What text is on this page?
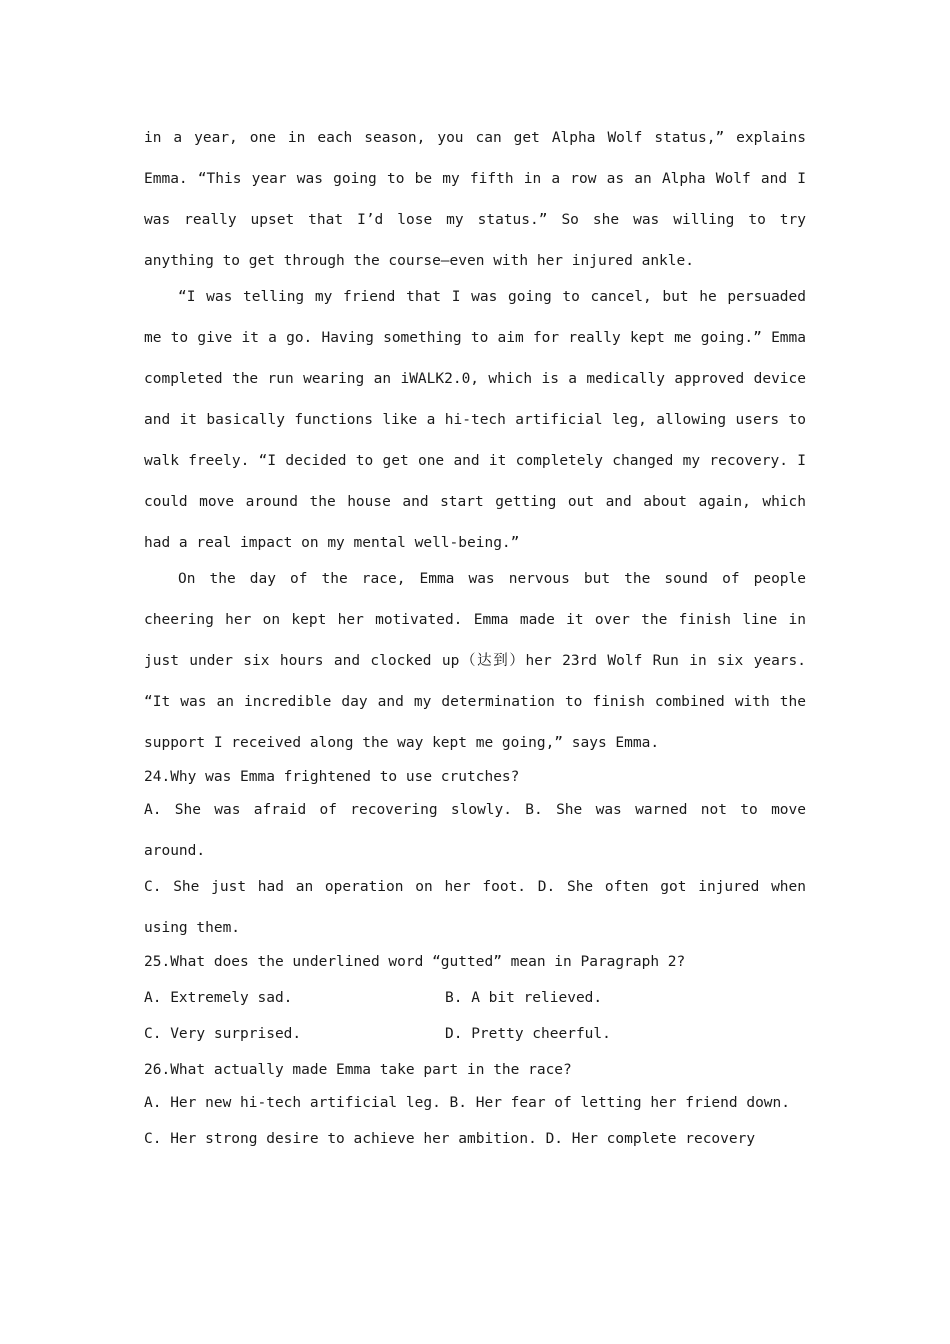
in a year, one in each season, you can get Alpha Wolf status,” explains Emma. “This year was going to be my fifth in a row as an Alpha Wolf and I was really upset that I’d lose my status.” So she was willing to try anything to get through the course—even with her injured ankle.

“I was telling my friend that I was going to cancel, but he persuaded me to give it a go. Having something to aim for really kept me going.” Emma completed the run wearing an iWALK2.0, which is a medically approved device and it basically functions like a hi-tech artificial leg, allowing users to walk freely. “I decided to get one and it completely changed my recovery. I could move around the house and start getting out and about again, which had a real impact on my mental well-being.”

On the day of the race, Emma was nervous but the sound of people cheering her on kept her motivated. Emma made it over the finish line in just under six hours and clocked up（达到）her 23rd Wolf Run in six years. “It was an incredible day and my determination to finish combined with the support I received along the way kept me going,” says Emma.

24.Why was Emma frightened to use crutches?

A. She was afraid of recovering slowly. B. She was warned not to move around.

C. She just had an operation on her foot. D. She often got injured when using them.

25.What does the underlined word “gutted” mean in Paragraph 2?

A. Extremely sad.	B. A bit relieved.
C. Very surprised.	D. Pretty cheerful.

26.What actually made Emma take part in the race?

A. Her new hi-tech artificial leg. B. Her fear of letting her friend down.

C. Her strong desire to achieve her ambition. D. Her complete recovery
